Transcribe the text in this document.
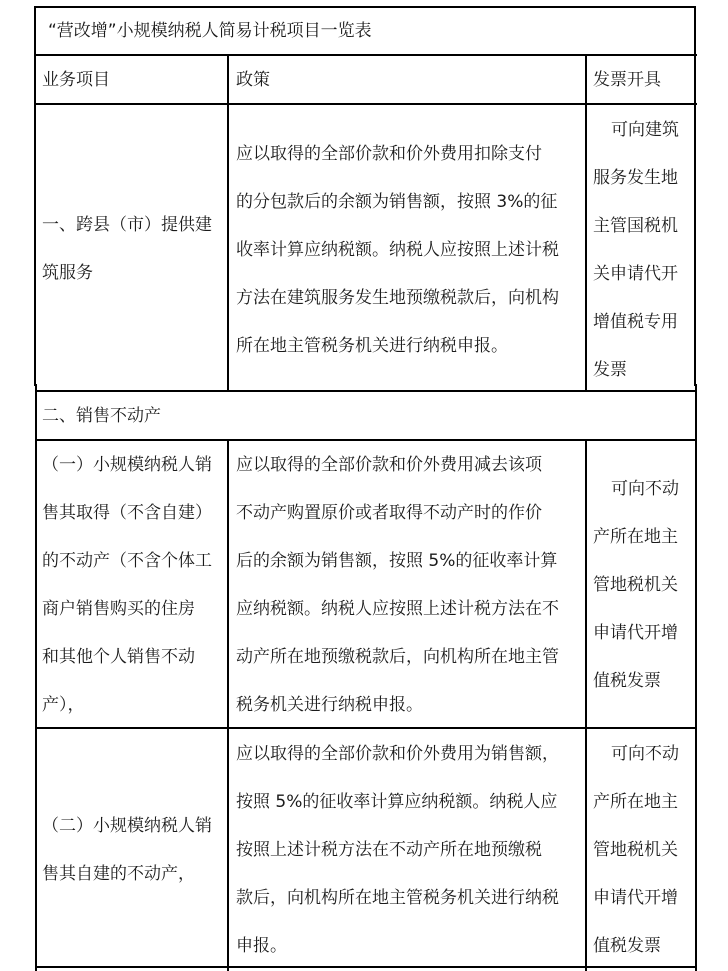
“营改增”小规模纳税人简易计税项目一览表
业务项目	政策	发票开具
一、跨县（市）提供建
筑服务
应以取得的全部价款和价外费用扣除支付
的分包款后的余额为销售额，按照 3%的征
收率计算应纳税额。纳税人应按照上述计税
方法在建筑服务发生地预缴税款后，向机构
所在地主管税务机关进行纳税申报。
可向建筑
服务发生地
主管国税机
关申请代开
增值税专用
发票
二、销售不动产
（一）小规模纳税人销
售其取得（不含自建）
的不动产（不含个体工
商户销售购买的住房
和其他个人销售不动
产），
应以取得的全部价款和价外费用减去该项
不动产购置原价或者取得不动产时的作价
后的余额为销售额，按照 5%的征收率计算
应纳税额。纳税人应按照上述计税方法在不
动产所在地预缴税款后，向机构所在地主管
税务机关进行纳税申报。
可向不动
产所在地主
管地税机关
申请代开增
值税发票
（二）小规模纳税人销
售其自建的不动产，
应以取得的全部价款和价外费用为销售额，
按照 5%的征收率计算应纳税额。纳税人应
按照上述计税方法在不动产所在地预缴税
款后，向机构所在地主管税务机关进行纳税
申报。
可向不动
产所在地主
管地税机关
申请代开增
值税发票
